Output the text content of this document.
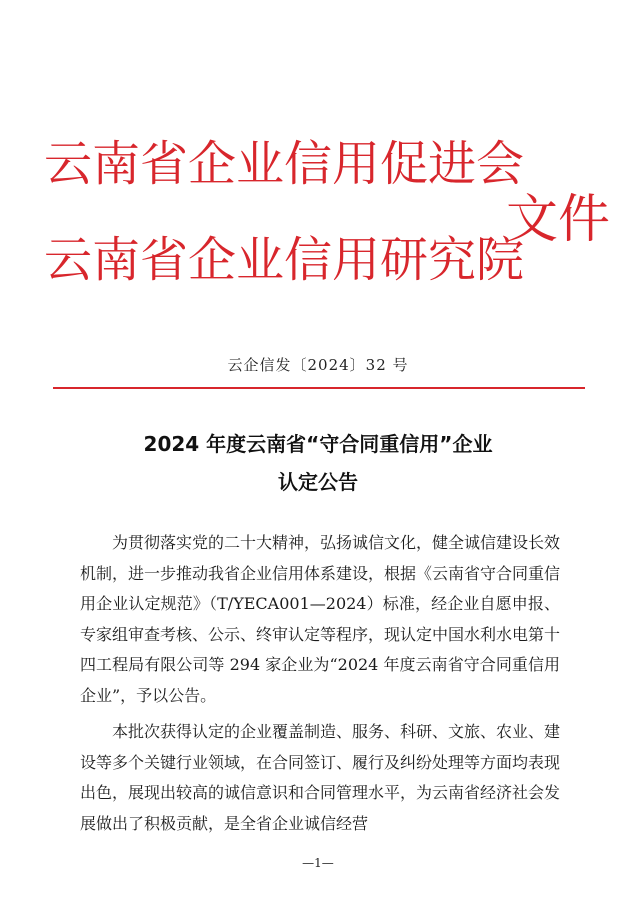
云南省企业信用促进会
云南省企业信用研究院
文件
云企信发〔2024〕32 号
2024 年度云南省“守合同重信用”企业
认定公告

为贯彻落实党的二十大精神，弘扬诚信文化，健全诚信建设长效机制，进一步推动我省企业信用体系建设，根据《云南省守合同重信用企业认定规范》（T/YECA001—2024）标准，经企业自愿申报、专家组审查考核、公示、终审认定等程序，现认定中国水利水电第十四工程局有限公司等 294 家企业为“2024 年度云南省守合同重信用企业”，予以公告。

本批次获得认定的企业覆盖制造、服务、科研、文旅、农业、建设等多个关键行业领域，在合同签订、履行及纠纷处理等方面均表现出色，展现出较高的诚信意识和合同管理水平，为云南省经济社会发展做出了积极贡献，是全省企业诚信经营

—1—
